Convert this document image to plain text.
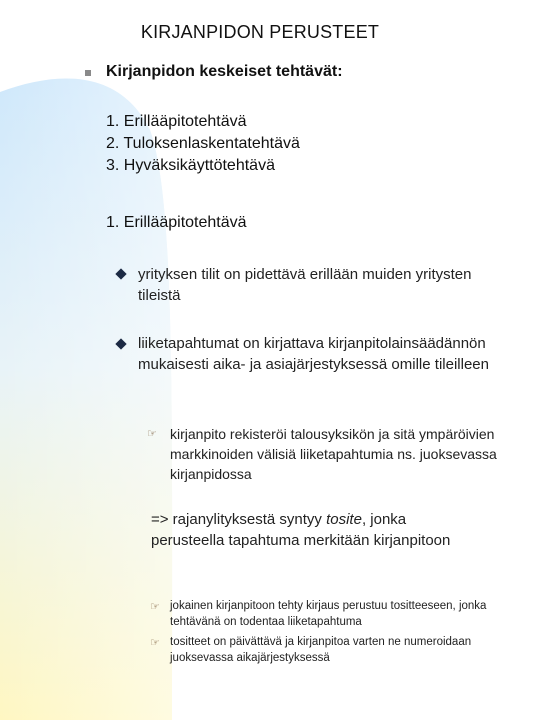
KIRJANPIDON PERUSTEET
Kirjanpidon keskeiset tehtävät:
1. Erillääpitotehtävä
2. Tuloksenlaskentatehtävä
3. Hyväksikäyttötehtävä
1. Erillääpitotehtävä
yrityksen tilit on pidettävä erillään muiden yritysten tileistä
liiketapahtumat on kirjattava kirjanpitolainsäädännön mukaisesti aika- ja asiajärjestyksessä omille tileilleen
☞ kirjanpito rekisteröi talousyksikön ja sitä ympäröivien markkinoiden välisiä liiketapahtumia ns. juoksevassa kirjanpidossa
=> rajanylityksestä syntyy tosite, jonka perusteella tapahtuma merkitään kirjanpitoon
☞ jokainen kirjanpitoon tehty kirjaus perustuu tositteeseen, jonka tehtävänä on todentaa liiketapahtuma
☞ tositteet on päivättävä ja kirjanpitoa varten ne numeroidaan juoksevassa aikajärjestyksessä
